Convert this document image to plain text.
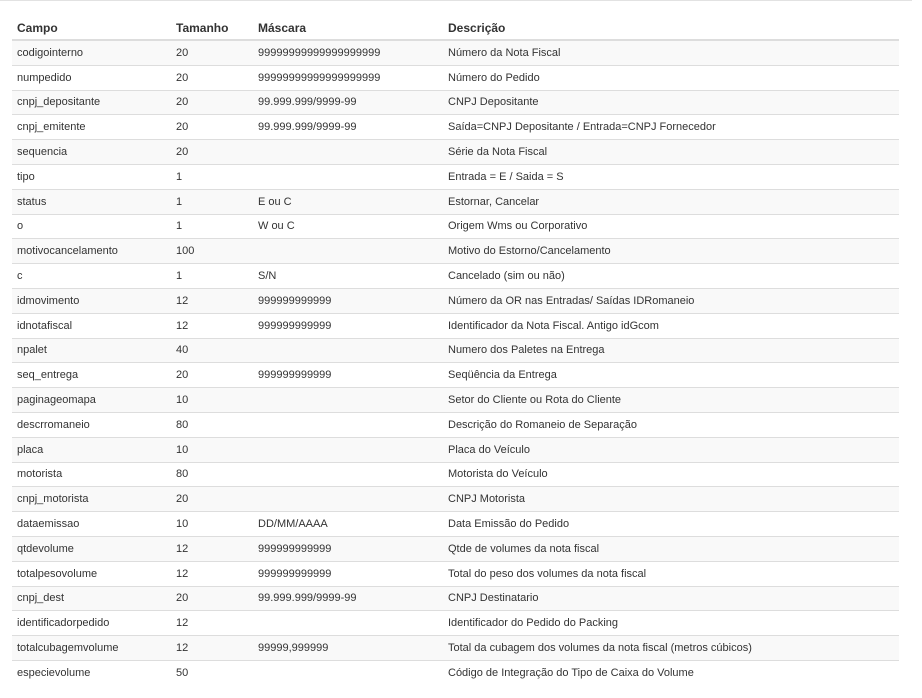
Campo	Tamanho	Máscara	Descrição
codigointerno	20	99999999999999999999	Número da Nota Fiscal
numpedido	20	99999999999999999999	Número do Pedido
cnpj_depositante	20	99.999.999/9999-99	CNPJ Depositante
cnpj_emitente	20	99.999.999/9999-99	Saída=CNPJ Depositante / Entrada=CNPJ Fornecedor
sequencia	20		Série da Nota Fiscal
tipo	1		Entrada = E / Saida = S
status	1	E ou C	Estornar, Cancelar
o	1	W ou C	Origem Wms ou Corporativo
motivocancelamento	100		Motivo do Estorno/Cancelamento
c	1	S/N	Cancelado (sim ou não)
idmovimento	12	999999999999	Número da OR nas Entradas/ Saídas IDRomaneio
idnotafiscal	12	999999999999	Identificador da Nota Fiscal. Antigo idGcom
npalet	40		Numero dos Paletes na Entrega
seq_entrega	20	999999999999	Seqüência da Entrega
paginageomapa	10		Setor do Cliente ou Rota do Cliente
descrromaneio	80		Descrição do Romaneio de Separação
placa	10		Placa do Veículo
motorista	80		Motorista do Veículo
cnpj_motorista	20		CNPJ Motorista
dataemissao	10	DD/MM/AAAA	Data Emissão do Pedido
qtdevolume	12	999999999999	Qtde de volumes da nota fiscal
totalpesovolume	12	999999999999	Total do peso dos volumes da nota fiscal
cnpj_dest	20	99.999.999/9999-99	CNPJ Destinatario
identificadorpedido	12		Identificador do Pedido do Packing
totalcubagemvolume	12	99999,999999	Total da cubagem dos volumes da nota fiscal (metros cúbicos)
especievolume	50		Código de Integração do Tipo de Caixa do Volume
